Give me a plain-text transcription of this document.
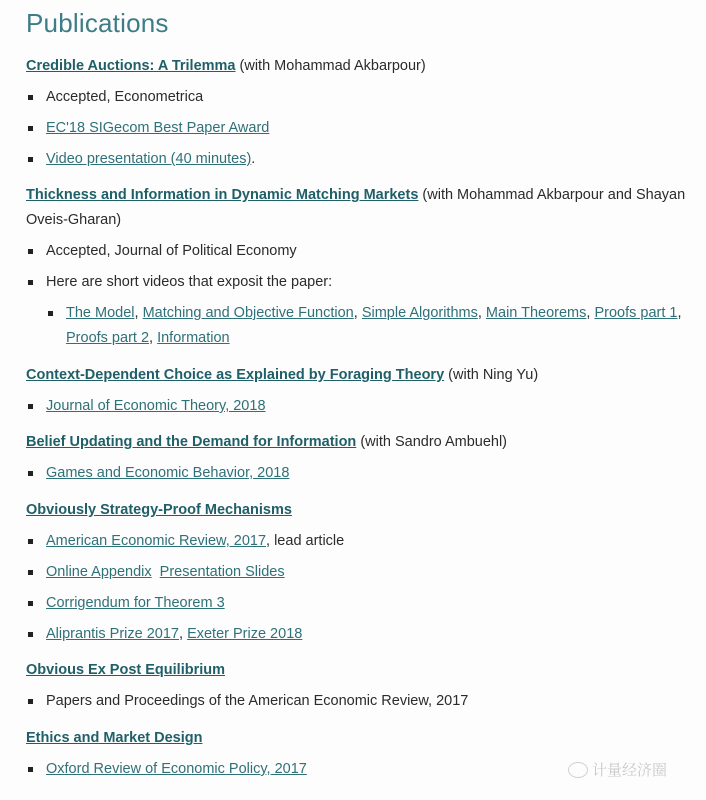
Publications
Credible Auctions: A Trilemma (with Mohammad Akbarpour)
Accepted, Econometrica
EC'18 SIGecom Best Paper Award
Video presentation (40 minutes).
Thickness and Information in Dynamic Matching Markets (with Mohammad Akbarpour and Shayan Oveis-Gharan)
Accepted, Journal of Political Economy
Here are short videos that exposit the paper:
The Model, Matching and Objective Function, Simple Algorithms, Main Theorems, Proofs part 1, Proofs part 2, Information
Context-Dependent Choice as Explained by Foraging Theory (with Ning Yu)
Journal of Economic Theory, 2018
Belief Updating and the Demand for Information (with Sandro Ambuehl)
Games and Economic Behavior, 2018
Obviously Strategy-Proof Mechanisms
American Economic Review, 2017, lead article
Online Appendix Presentation Slides
Corrigendum for Theorem 3
Aliprantis Prize 2017, Exeter Prize 2018
Obvious Ex Post Equilibrium
Papers and Proceedings of the American Economic Review, 2017
Ethics and Market Design
Oxford Review of Economic Policy, 2017	计量经济圈
